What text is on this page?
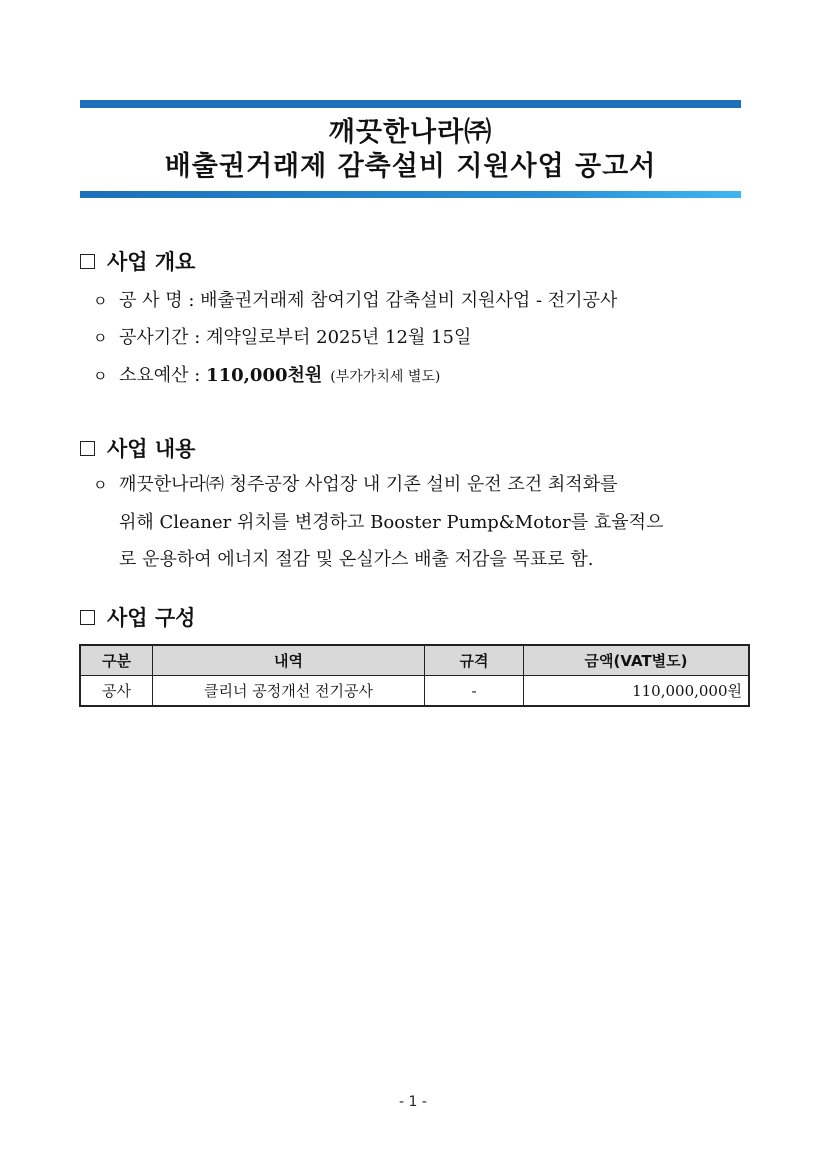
깨끗한나라㈜
배출권거래제 감축설비 지원사업 공고서
사업 개요
ㅇ 공 사 명 : 배출권거래제 참여기업 감축설비 지원사업 - 전기공사
ㅇ 공사기간 : 계약일로부터 2025년 12월 15일
ㅇ 소요예산 : 110,000천원 (부가가치세 별도)
사업 내용
ㅇ 깨끗한나라㈜ 청주공장 사업장 내 기존 설비 운전 조건 최적화를
위해 Cleaner 위치를 변경하고 Booster Pump&Motor를 효율적으
로 운용하여 에너지 절감 및 온실가스 배출 저감을 목표로 함.
사업 구성
구분	내역	규격	금액(VAT별도)
공사	클리너 공정개선 전기공사	-	110,000,000원
- 1 -
